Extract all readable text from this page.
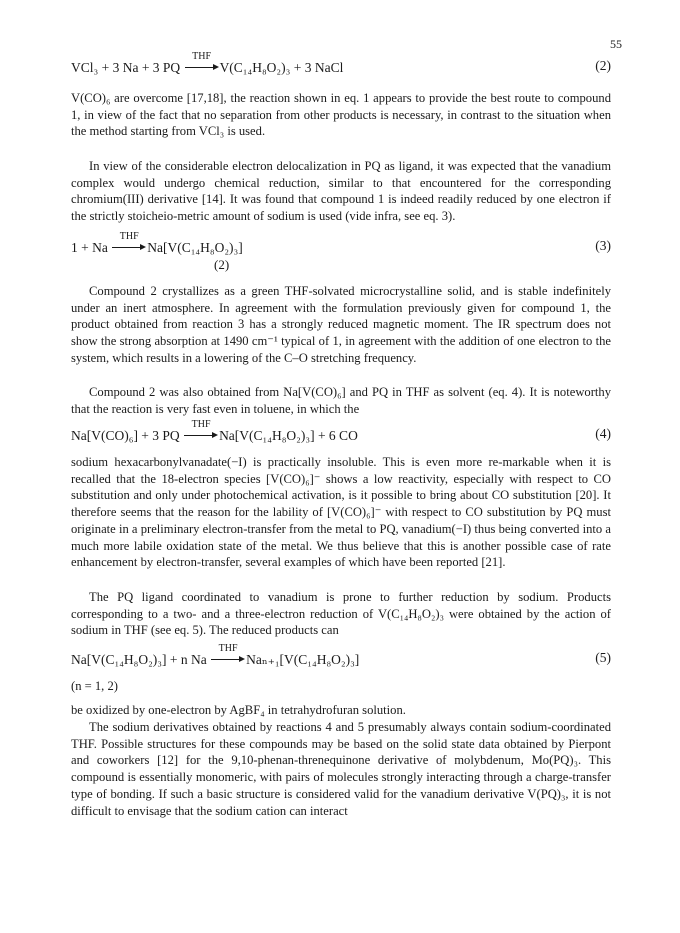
55
VCl₃ + 3 Na + 3 PQ
THF
V(C₁₄H₈O₂)₃ + 3 NaCl	(2)

V(CO)₆ are overcome [17,18], the reaction shown in eq. 1 appears to provide the best route to compound 1, in view of the fact that no separation from other products is necessary, in contrast to the situation when the method starting from VCl₃ is used.

In view of the considerable electron delocalization in PQ as ligand, it was expected that the vanadium complex would undergo chemical reduction, similar to that encountered for the corresponding chromium(III) derivative [14]. It was found that compound 1 is indeed readily reduced by one electron if the strictly stoicheio-metric amount of sodium is used (vide infra, see eq. 3).

1 + Na
THF
Na[V(C₁₄H₈O₂)₃]	(3)
(2)

Compound 2 crystallizes as a green THF-solvated microcrystalline solid, and is stable indefinitely under an inert atmosphere. In agreement with the formulation previously given for compound 1, the product obtained from reaction 3 has a strongly reduced magnetic moment. The IR spectrum does not show the strong absorption at 1490 cm⁻¹ typical of 1, in agreement with the addition of one electron to the system, which results in a lowering of the C–O stretching frequency.

Compound 2 was also obtained from Na[V(CO)₆] and PQ in THF as solvent (eq. 4). It is noteworthy that the reaction is very fast even in toluene, in which the

Na[V(CO)₆] + 3 PQ
THF
Na[V(C₁₄H₈O₂)₃] + 6 CO	(4)

sodium hexacarbonylvanadate(−I) is practically insoluble. This is even more re-markable when it is recalled that the 18-electron species [V(CO)₆]⁻ shows a low reactivity, especially with respect to CO substitution and only under photochemical activation, is it possible to bring about CO substitution [20]. It therefore seems that the reason for the lability of [V(CO)₆]⁻ with respect to CO substitution by PQ must originate in a preliminary electron-transfer from the metal to PQ, vanadium(−I) thus being converted into a much more labile oxidation state of the metal. We thus believe that this is another possible case of rate enhancement by electron-transfer, several examples of which have been reported [21].

The PQ ligand coordinated to vanadium is prone to further reduction by sodium. Products corresponding to a two- and a three-electron reduction of V(C₁₄H₈O₂)₃ were obtained by the action of sodium in THF (see eq. 5). The reduced products can

Na[V(C₁₄H₈O₂)₃] + n Na
THF
Naₙ₊₁[V(C₁₄H₈O₂)₃]	(5)
(n = 1, 2)

be oxidized by one-electron by AgBF₄ in tetrahydrofuran solution.

The sodium derivatives obtained by reactions 4 and 5 presumably always contain sodium-coordinated THF. Possible structures for these compounds may be based on the solid state data obtained by Pierpont and coworkers [12] for the 9,10-phenan-threnequinone derivative of molybdenum, Mo(PQ)₃. This compound is essentially monomeric, with pairs of molecules strongly interacting through a charge-transfer type of bonding. If such a basic structure is considered valid for the vanadium derivative V(PQ)₃, it is not difficult to envisage that the sodium cation can interact
